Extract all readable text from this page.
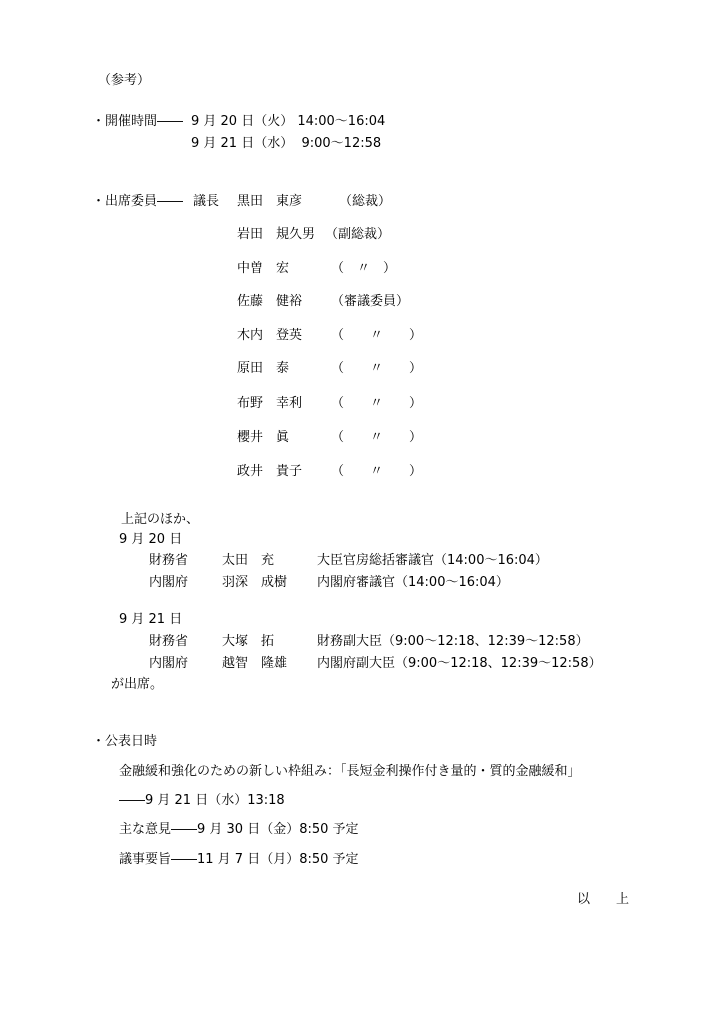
（参考）
・開催時間―― 9 月 20 日（火） 14:00～16:04
9 月 21 日（水）  9:00～12:58
・出席委員―― 議長 黒田　東彦	（総裁）
岩田　規久男 （副総裁）
中曽　宏	（　〃　）
佐藤　健裕 （審議委員）
木内　登英 （　　〃　　）
原田　泰	（　　〃　　）
布野　幸利 （　　〃　　）
櫻井　眞	（　　〃　　）
政井　貴子 （　　〃　　）
上記のほか、
9 月 20 日
財務省	太田　充	大臣官房総括審議官（14:00～16:04）
内閣府	羽深　成樹 内閣府審議官（14:00～16:04）
9 月 21 日
財務省	大塚　拓	財務副大臣（9:00～12:18、12:39～12:58）
内閣府	越智　隆雄 内閣府副大臣（9:00～12:18、12:39～12:58）
が出席。
・公表日時
金融緩和強化のための新しい枠組み：「長短金利操作付き量的・質的金融緩和」
――9 月 21 日（水）13:18
主な意見――9 月 30 日（金）8:50 予定
議事要旨――11 月 7 日（月）8:50 予定
以　　上
